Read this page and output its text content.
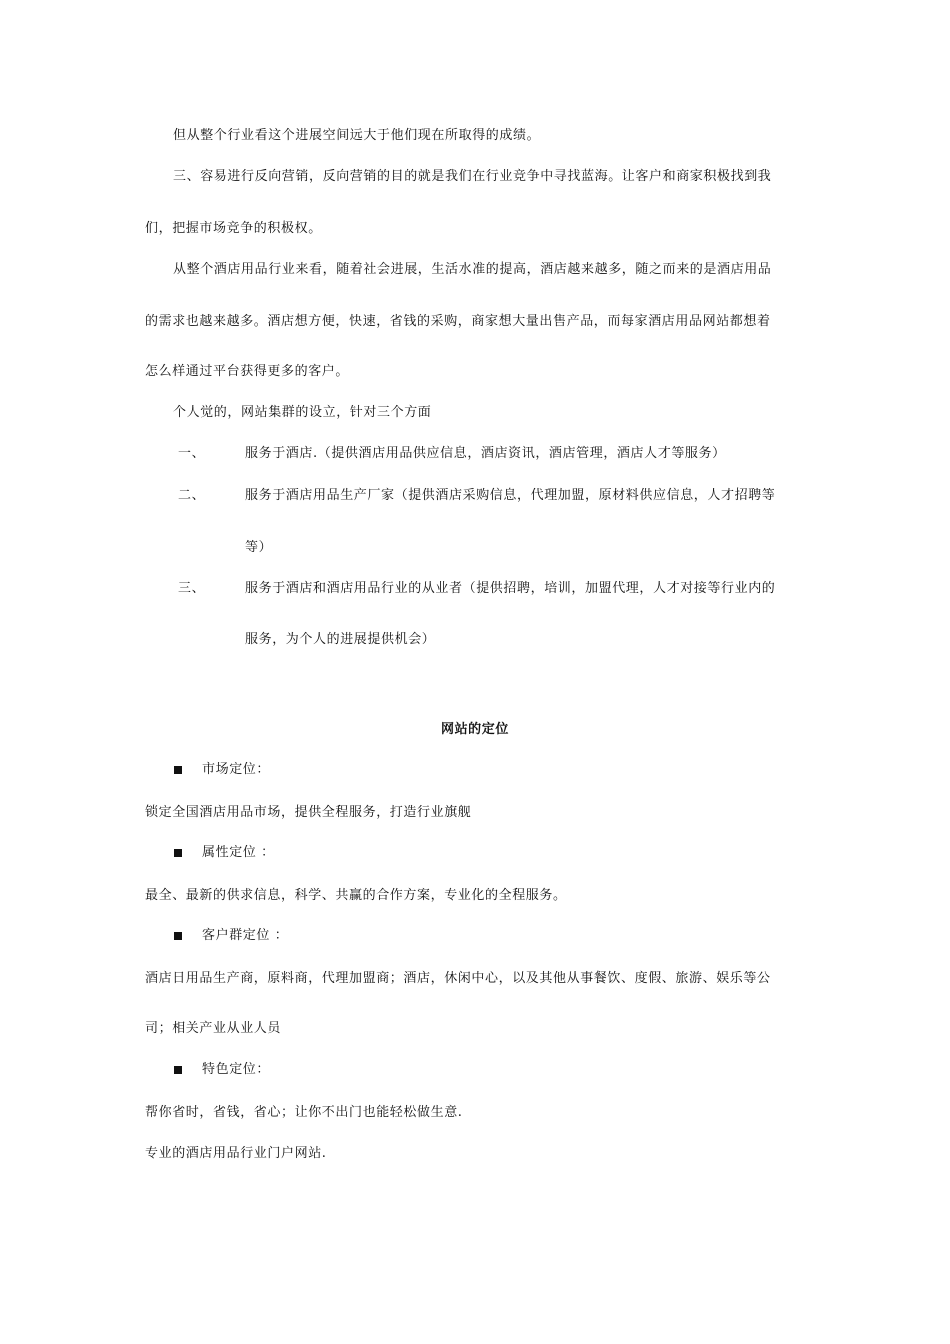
但从整个行业看这个进展空间远大于他们现在所取得的成绩。
三、容易进行反向营销，反向营销的目的就是我们在行业竞争中寻找蓝海。让客户和商家积极找到我
们，把握市场竞争的积极权。
从整个酒店用品行业来看，随着社会进展，生活水准的提高，酒店越来越多，随之而来的是酒店用品
的需求也越来越多。酒店想方便，快速，省钱的采购，商家想大量出售产品，而每家酒店用品网站都想着
怎么样通过平台获得更多的客户。
个人觉的，网站集群的设立，针对三个方面
一、	服务于酒店.（提供酒店用品供应信息，酒店资讯，酒店管理，酒店人才等服务）
二、	服务于酒店用品生产厂家（提供酒店采购信息，代理加盟，原材料供应信息，人才招聘等
等）
三、	服务于酒店和酒店用品行业的从业者（提供招聘，培训，加盟代理，人才对接等行业内的
服务，为个人的进展提供机会）
网站的定位
市场定位：
锁定全国酒店用品市场，提供全程服务，打造行业旗舰
属性定位 ：
最全、最新的供求信息，科学、共赢的合作方案，专业化的全程服务。
客户群定位 ：
酒店日用品生产商，原料商，代理加盟商；酒店，休闲中心，以及其他从事餐饮、度假、旅游、娱乐等公
司；相关产业从业人员
特色定位：
帮你省时，省钱，省心；让你不出门也能轻松做生意.
专业的酒店用品行业门户网站.
